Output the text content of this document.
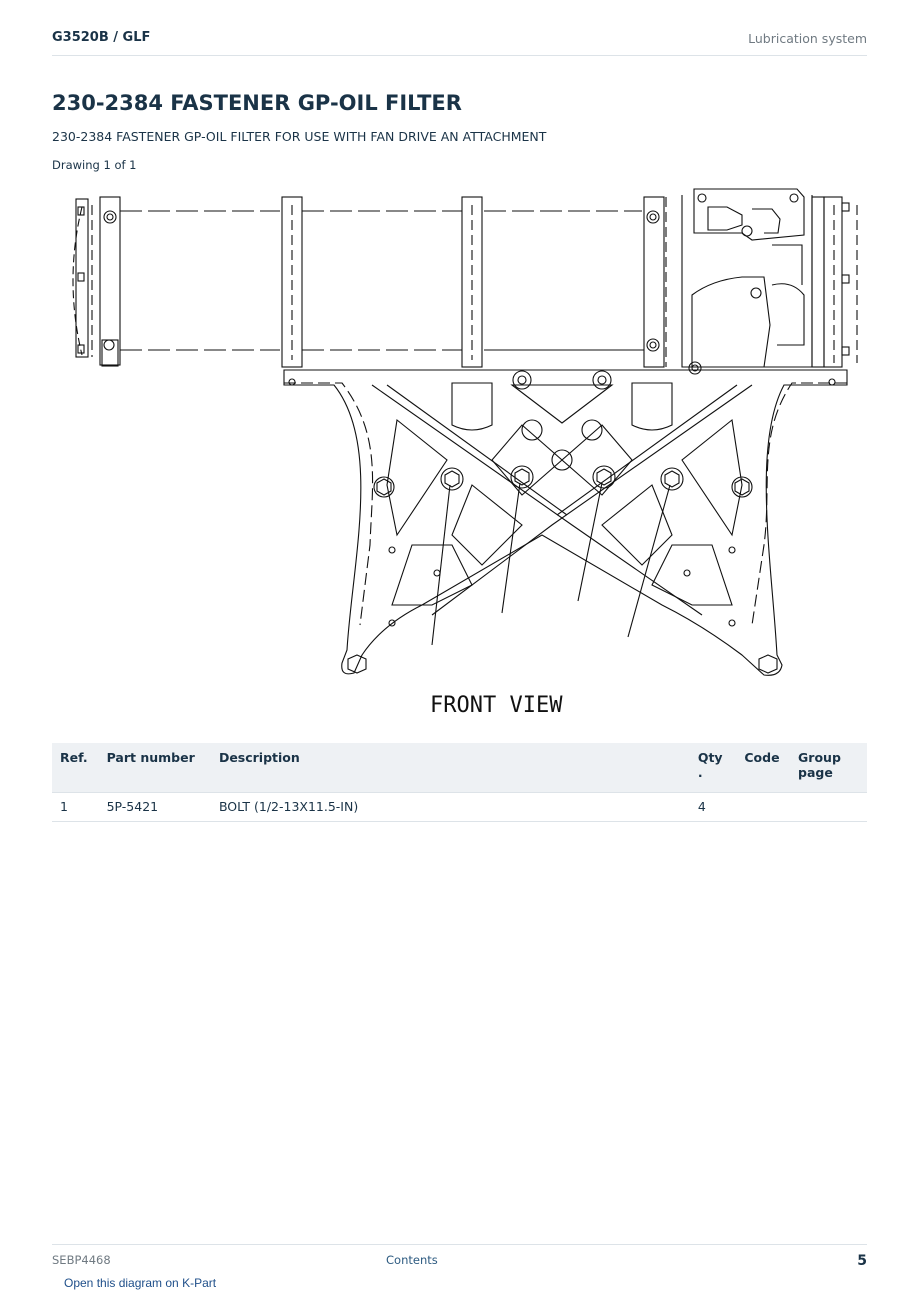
G3520B / GLF	Lubrication system
230-2384 FASTENER GP-OIL FILTER
230-2384 FASTENER GP-OIL FILTER FOR USE WITH FAN DRIVE AN ATTACHMENT
Drawing 1 of 1
FRONT VIEW
Ref.	Part number	Description	Qty .	Code	Group page
1	5P-5421	BOLT (1/2-13X11.5-IN)	4		
SEBP4468	Contents	5
Open this diagram on K-Part
